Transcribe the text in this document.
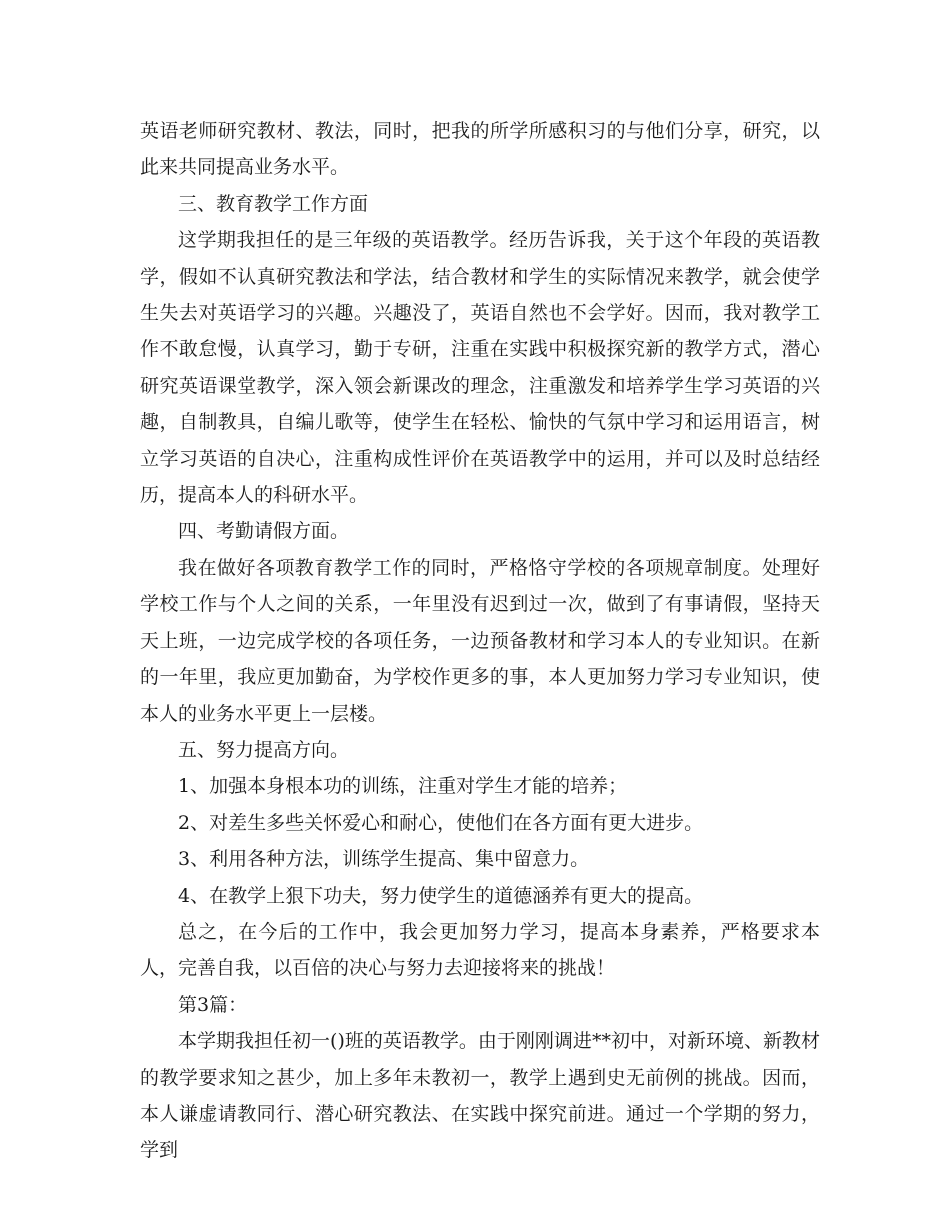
英语老师研究教材、教法，同时，把我的所学所感积习的与他们分享，研究，以此来共同提高业务水平。

三、教育教学工作方面

这学期我担任的是三年级的英语教学。经历告诉我，关于这个年段的英语教学，假如不认真研究教法和学法，结合教材和学生的实际情况来教学，就会使学生失去对英语学习的兴趣。兴趣没了，英语自然也不会学好。因而，我对教学工作不敢怠慢，认真学习，勤于专研，注重在实践中积极探究新的教学方式，潜心研究英语课堂教学，深入领会新课改的理念，注重激发和培养学生学习英语的兴趣，自制教具，自编儿歌等，使学生在轻松、愉快的气氛中学习和运用语言，树立学习英语的自决心，注重构成性评价在英语教学中的运用，并可以及时总结经历，提高本人的科研水平。

四、考勤请假方面。

我在做好各项教育教学工作的同时，严格恪守学校的各项规章制度。处理好学校工作与个人之间的关系，一年里没有迟到过一次，做到了有事请假，坚持天天上班，一边完成学校的各项任务，一边预备教材和学习本人的专业知识。在新的一年里，我应更加勤奋，为学校作更多的事，本人更加努力学习专业知识，使本人的业务水平更上一层楼。

五、努力提高方向。

1、加强本身根本功的训练，注重对学生才能的培养；

2、对差生多些关怀爱心和耐心，使他们在各方面有更大进步。

3、利用各种方法，训练学生提高、集中留意力。

4、在教学上狠下功夫，努力使学生的道德涵养有更大的提高。

总之，在今后的工作中，我会更加努力学习，提高本身素养，严格要求本人，完善自我，以百倍的决心与努力去迎接将来的挑战！

第3篇：

本学期我担任初一()班的英语教学。由于刚刚调进**初中，对新环境、新教材的教学要求知之甚少，加上多年未教初一，教学上遇到史无前例的挑战。因而，本人谦虚请教同行、潜心研究教法、在实践中探究前进。通过一个学期的努力，学到
